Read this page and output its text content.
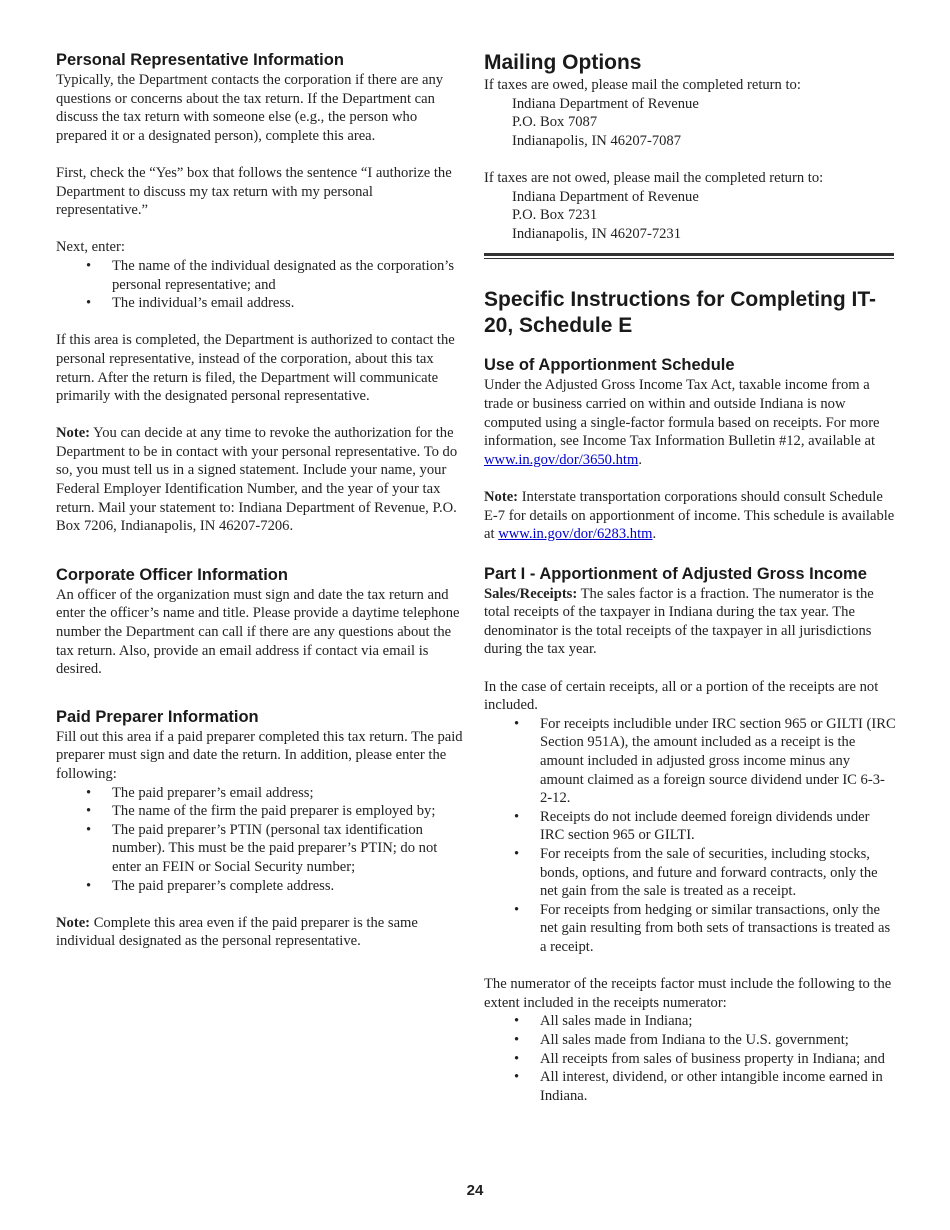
Personal Representative Information

Typically, the Department contacts the corporation if there are any questions or concerns about the tax return. If the Department can discuss the tax return with someone else (e.g., the person who prepared it or a designated person), complete this area.

First, check the “Yes” box that follows the sentence “I authorize the Department to discuss my tax return with my personal representative.”

Next, enter:

• The name of the individual designated as the corporation’s personal representative; and
• The individual’s email address.

If this area is completed, the Department is authorized to contact the personal representative, instead of the corporation, about this tax return. After the return is filed, the Department will communicate primarily with the designated personal representative.

Note: You can decide at any time to revoke the authorization for the Department to be in contact with your personal representative. To do so, you must tell us in a signed statement. Include your name, your Federal Employer Identification Number, and the year of your tax return. Mail your statement to: Indiana Department of Revenue, P.O. Box 7206, Indianapolis, IN 46207-7206.

Corporate Officer Information

An officer of the organization must sign and date the tax return and enter the officer’s name and title. Please provide a daytime telephone number the Department can call if there are any questions about the tax return. Also, provide an email address if contact via email is desired.

Paid Preparer Information

Fill out this area if a paid preparer completed this tax return. The paid preparer must sign and date the return. In addition, please enter the following:

• The paid preparer’s email address;
• The name of the firm the paid preparer is employed by;
• The paid preparer’s PTIN (personal tax identification number). This must be the paid preparer’s PTIN; do not enter an FEIN or Social Security number;
• The paid preparer’s complete address.

Note: Complete this area even if the paid preparer is the same individual designated as the personal representative.

Mailing Options

If taxes are owed, please mail the completed return to:

Indiana Department of Revenue

P.O. Box 7087

Indianapolis, IN 46207-7087

If taxes are not owed, please mail the completed return to:

Indiana Department of Revenue

P.O. Box 7231

Indianapolis, IN 46207-7231

Specific Instructions for Completing IT-20, Schedule E
Use of Apportionment Schedule

Under the Adjusted Gross Income Tax Act, taxable income from a trade or business carried on within and outside Indiana is now computed using a single-factor formula based on receipts. For more information, see Income Tax Information Bulletin #12, available at www.in.gov/dor/3650.htm.

Note: Interstate transportation corporations should consult Schedule E-7 for details on apportionment of income. This schedule is available at www.in.gov/dor/6283.htm.

Part I - Apportionment of Adjusted Gross Income

Sales/Receipts: The sales factor is a fraction. The numerator is the total receipts of the taxpayer in Indiana during the tax year. The denominator is the total receipts of the taxpayer in all jurisdictions during the tax year.

In the case of certain receipts, all or a portion of the receipts are not included.

• For receipts includible under IRC section 965 or GILTI (IRC Section 951A), the amount included as a receipt is the amount included in adjusted gross income minus any amount claimed as a foreign source dividend under IC 6-3-2-12.
• Receipts do not include deemed foreign dividends under IRC section 965 or GILTI.
• For receipts from the sale of securities, including stocks, bonds, options, and future and forward contracts, only the net gain from the sale is treated as a receipt.
• For receipts from hedging or similar transactions, only the net gain resulting from both sets of transactions is treated as a receipt.

The numerator of the receipts factor must include the following to the extent included in the receipts numerator:

• All sales made in Indiana;
• All sales made from Indiana to the U.S. government;
• All receipts from sales of business property in Indiana; and
• All interest, dividend, or other intangible income earned in Indiana.
24
